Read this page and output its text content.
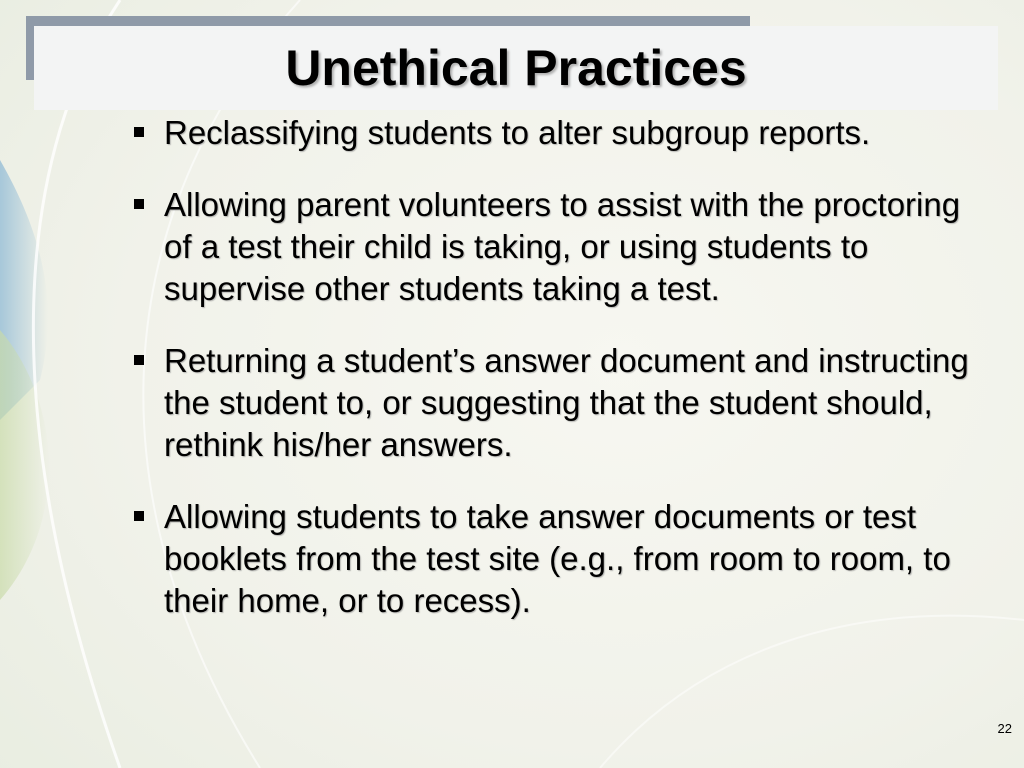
Unethical Practices
Reclassifying students to alter subgroup reports.
Allowing parent volunteers to assist with the proctoring of a test their child is taking, or using students to supervise other students taking a test.
Returning a student’s answer document and instructing the student to, or suggesting that the student should, rethink his/her answers.
Allowing students to take answer documents or test booklets from the test site (e.g., from room to room, to their home, or to recess).
22
